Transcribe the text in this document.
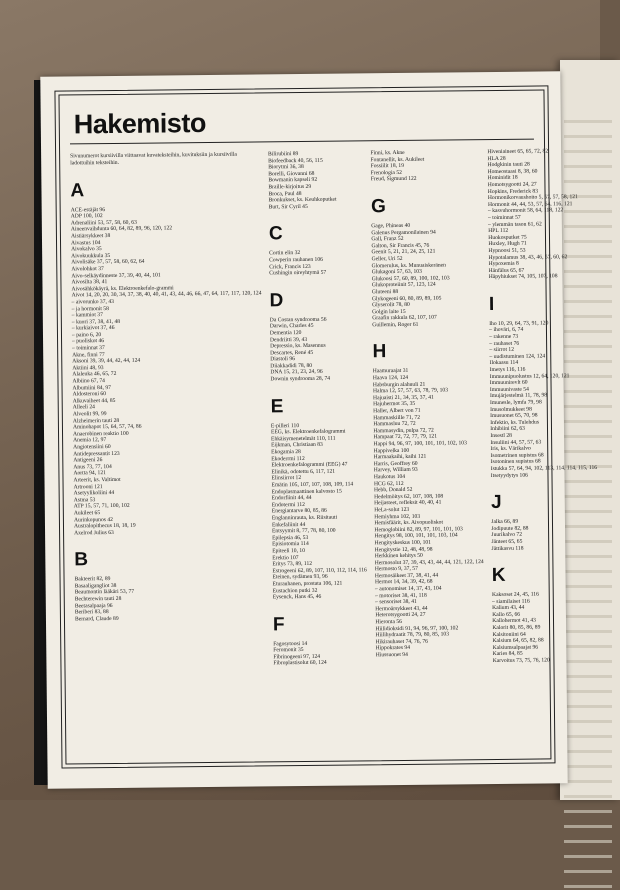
Hakemisto
Sivunumerot kursiivilla viittaavat kuvateksteihin, kuvituksiin ja kursiivilla ladottuihin teksteihin.
A
ACE-estäjät 96
ADP 100, 102
Adrenaliini 53, 57, 58, 60, 63
Aineenvaihdunta 60, 64, 82, 89, 96, 120, 122
Aistiärsykkeet 38
Aivastus 104
Aivokalvo 35
Aivokuukkula 35
Aivolisäke 37, 57, 58, 60, 62, 64
Aivolohkot 37
Aivo-selkäydinneste 37, 39, 40, 44, 101
Aivosilta 38, 41
Aivosähkökäyrä, ks. Elektroenkefalo-grammi
Aivot 14, 20, 20, 30, 34, 37, 38, 40, 40, 41, 43, 44, 46, 66, 47, 64, 117, 117, 120, 124
– aivorunko 37, 43
– ja hormonit 58
– kammiot 37
– kuori 37, 38, 41, 48
– kurkiaivot 37, 46
– paino 6, 20
– puoliskot 46
– toiminnat 37
Akne, finni 77
Aksoni 39, 39, 44, 42, 44, 124
Aktiini 48, 93
Alaleuka 46, 65, 72
Albiino 67, 74
Albumiini 84, 97
Aldosteroni 60
Alkuvaiheet 44, 85
Alleeli 24
Alveolit 99, 99
Alzheimerin tauti 28
Aminohapot 15, 64, 57, 74, 86
Anaerobinen reaktio 100
Anemia 12, 97
Angiotensiini 60
Antidepressantit 123
Antigeeni 26
Anus 73, 77, 104
Aortta 94, 121
Arteerit, ks. Valtimot
Artrooni 121
Asetyylikoliini 44
Astma 53
ATP 15, 57, 71, 100, 102
Aukileet 65
Aurinkopunos 42
Australopithecus 18, 18, 19
Axelrod Julius 63
B
Bakteerit 82, 89
Basaaligangliot 38
Beaumontin lääkäri 53, 77
Bechterewin tauti 28
Beetasalpaaja 96
Beriberi 83, 88
Bernard, Claude 89
Bilirubiini 89
Biofeedback 40, 56, 115
Biorytmi 36, 38
Borelli, Giovanni 68
Bowmanin kapseli 92
Braille-kirjoitus 29
Broca, Paul 48
Bronkukset, ks. Keuhkoputket
Burt, Sir Cyril 45
C
Cortin elin 32
Cowperin rauhanen 106
Crick, Francis 123
Cushingin oireyhtymä 57
D
Da Costan syndrooma 56
Darwin, Charles 45
Dementia 120
Dendriitti 39, 43
Depressio, ks. Masennus
Descartes, René 45
Diastoli 96
Diiakkadidi 78, 80
DNA 15, 21, 23, 24, 96
Downin syndrooma 28, 74
E
E-pilleri 110
EEG, ks. Elektroenkefalogrammi
Ehkäisymenetelmät 110, 111
Eijkman, Christiaan 83
Ekogamia 28
Ekoderrmi 112
Elektroenkefalogrammi (EEG) 47
Elinikä, odotettu 6, 117, 121
Elinsiirrot 12
Emätin 105, 107, 107, 108, 109, 114
Endoplasmaattinen kalvosto 15
Endorfiinit 44, 44
Endotermi 112
Energiantarve 80, 85, 86
Englanninrauta, ks. Riisitauti
Enkefaliinit 44
Entsyymit 8, 77, 78, 80, 100
Epilepsia 46, 53
Episiotomia 114
Epiteeli 10, 10
Erektio 107
Eritys 73, 89, 112
Estrogeeni 62, 89, 107, 110, 112, 114, 116
Eteinen, sydämen 93, 96
Eturauhanen, prostata 106, 121
Eustachion putki 32
Eysenck, Hans 45, 46
F
Fagosytoosi 14
Feromonit 35
Fibrinogeeni 97, 124
Fibroplastisolut 60, 124
Finni, ks. Akne
Fontanellit, ks. Aukileet
Fossiilit 18, 19
Frenologia 52
Freud, Sigmund 122
G
Gage, Phineas 40
Galenus Pergamonilainen 94
Gall, Franz 52
Galton, Sir Francis 45, 76
Geenit 5, 21, 21, 24, 25, 121
Geller, Uri 52
Glomerulus, ks. Munuaiskeränen
Glukagoni 57, 63, 103
Glukoosi 57, 60, 89, 100, 102, 103
Glukoproteiinit 57, 123, 124
Gluteeni 88
Glykogeeni 60, 80, 89, 89, 105
Glyserolit 78, 80
Golgin laite 15
Graafin rakkula 62, 107, 107
Guillemin, Roger 61
H
Haamuraajat 31
Haava 124, 124
Habsburgin alahuuli 21
Halma 12, 57, 57, 63, 78, 79, 103
Hajuaisti 21, 34, 35, 37, 41
Hajuhermot 35, 35
Haller, Albert von 71
Hammaskiille 71, 72
Hammasluu 72, 72
Hammasydin, pulpa 72, 72
Hampaat 72, 72, 77, 79, 121
Happi 94, 96, 97, 100, 101, 101, 102, 103
Happivelka 100
Harmaakaihi, kaihi 121
Harris, Geoffrey 60
Harvey, William 93
Haukotus 104
HCG 62, 112
Hebb, Donald 52
Hedelmöitys 62, 107, 108, 108
Heijasteet, refleksit 40, 40, 41
HeLa-solut 123
Hemiyhma 102, 103
Hemisfäärit, ks. Aivopuoliskot
Hemoglobiini 82, 89, 97, 101, 101, 103
Hengitys 98, 100, 101, 101, 103, 104
Hengityskeskus 100, 101
Hengitystie 12, 48, 48, 98
Herkkinen kehitys 50
Hermosolut 37, 39, 43, 43, 44, 44, 121, 122, 124
Hermosto 9, 37, 57
Hermosäikeet 37, 38, 41, 44
Hermot 14, 34, 39, 42, 68
– autonomiset 14, 37, 43, 104
– motoriset 38, 41, 118
– sensoriset 38, 41
Hermoärsykkeet 43, 44
Heterotsygootti 24, 27
Hieronta 56
Hiilidioksidi 91, 94, 96, 97, 100, 102
Hiilihydraatit 78, 79, 80, 85, 103
Hikirauhaset 74, 76, 76
Hippokrates 94
Hiussuonet 94
Hiveniaineet 65, 65, 72, 82
HLA 28
Hodgkinin tauti 28
Homeostaasi 8, 38, 60
Hominidit 18
Homotsygootti 24, 27
Hopkins, Frederick 83
Hormonikorvaushoito 5, 57, 57, 58, 121
Hormonit 44, 44, 53, 57, 64, 116, 121
– kasvuhormonit 58, 64, 118, 122
– toiminnat 57
– ylemmän tason 61, 62
HPL 112
Huokosputket 75
Huxley, Hugh 71
Hypnoosi 51, 53
Hypotalamus 38, 43, 46, 57, 60, 62
Hypoxemia 8
Hänfälus 65, 67
Häpyhiukset 74, 105, 107, 108
I
Iho 10, 29, 64, 73, 91, 120
– ihoväri, 6, 74
– rakenne 73
– rauhaset 76
– siirrot 12
– uudistuminen 124, 124
Ilokaasu 114
Imetys 116, 116
Immuunipuolustus 12, 64, 120, 121
Immuunirevlt 60
Immuunivaste 54
Imujärjestelmä 11, 78, 98
Imunesle, lymfa 79, 98
Imusolmukkeet 98
Imusuonet 65, 70, 98
Infektio, ks. Tulehdus
Inhibiini 62, 63
Insestl 28
Insuliini 44, 57, 57, 63
Iris, ks. Värikalvo
Isometrinen supistus 68
Isotoninen supistus 68
Istukka 57, 64, 94, 102, 113, 114, 114, 115, 116
Itsetyydytys 106
J
Jalka 66, 89
Jodipuute 82, 88
Juurikalvo 72
Jänteet 65, 65
Jättikasvu 118
K
Kaksoset 24, 45, 116
– siamilaiset 116
Kalium 43, 44
Kallo 65, 66
Kallohermot 41, 43
Kalorit 80, 85, 86, 89
Kalsitoniini 64
Kalsium 64, 65, 82, 88
Kalsiumsalpaajat 96
Karies 84, 85
Karvoitus 73, 75, 76, 120
